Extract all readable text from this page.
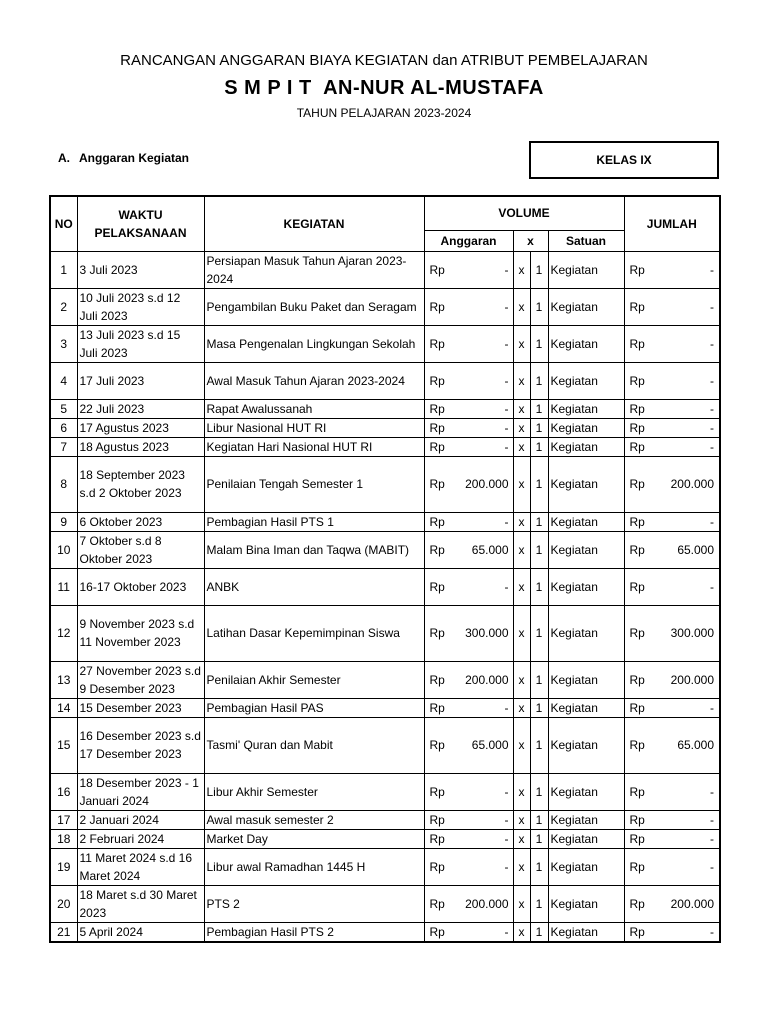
RANCANGAN ANGGARAN BIAYA KEGIATAN dan ATRIBUT PEMBELAJARAN
S M P I T  AN-NUR AL-MUSTAFA
TAHUN PELAJARAN 2023-2024
A. Anggaran Kegiatan	KELAS IX
NO	WAKTU PELAKSANAAN	KEGIATAN	VOLUME					JUMLAH	
			Anggaran		x		Satuan		
1	3 Juli 2023	Persiapan Masuk Tahun Ajaran 2023-2024	Rp	-	x	1	Kegiatan	Rp	-
2	10 Juli 2023 s.d 12 Juli 2023	Pengambilan Buku Paket dan Seragam	Rp	-	x	1	Kegiatan	Rp	-
3	13 Juli 2023 s.d 15 Juli 2023	Masa Pengenalan Lingkungan Sekolah	Rp	-	x	1	Kegiatan	Rp	-
4	17 Juli 2023	Awal Masuk Tahun Ajaran 2023-2024	Rp	-	x	1	Kegiatan	Rp	-
5	22 Juli 2023	Rapat Awalussanah	Rp	-	x	1	Kegiatan	Rp	-
6	17 Agustus 2023	Libur Nasional HUT RI	Rp	-	x	1	Kegiatan	Rp	-
7	18 Agustus 2023	Kegiatan Hari Nasional HUT RI	Rp	-	x	1	Kegiatan	Rp	-
8	18 September 2023 s.d 2 Oktober 2023	Penilaian Tengah Semester 1	Rp	200.000	x	1	Kegiatan	Rp	200.000
9	6 Oktober 2023	Pembagian Hasil PTS 1	Rp	-	x	1	Kegiatan	Rp	-
10	7 Oktober s.d 8 Oktober 2023	Malam Bina Iman dan Taqwa (MABIT)	Rp	65.000	x	1	Kegiatan	Rp	65.000
11	16-17 Oktober 2023	ANBK	Rp	-	x	1	Kegiatan	Rp	-
12	9 November 2023 s.d 11 November 2023	Latihan Dasar Kepemimpinan Siswa	Rp	300.000	x	1	Kegiatan	Rp	300.000
13	27 November 2023 s.d 9 Desember 2023	Penilaian Akhir Semester	Rp	200.000	x	1	Kegiatan	Rp	200.000
14	15 Desember 2023	Pembagian Hasil PAS	Rp	-	x	1	Kegiatan	Rp	-
15	16 Desember 2023 s.d 17 Desember 2023	Tasmi' Quran dan Mabit	Rp	65.000	x	1	Kegiatan	Rp	65.000
16	18 Desember 2023 - 1 Januari 2024	Libur Akhir Semester	Rp	-	x	1	Kegiatan	Rp	-
17	2 Januari 2024	Awal masuk semester 2	Rp	-	x	1	Kegiatan	Rp	-
18	2 Februari 2024	Market Day	Rp	-	x	1	Kegiatan	Rp	-
19	11 Maret 2024 s.d 16 Maret 2024	Libur awal Ramadhan 1445 H	Rp	-	x	1	Kegiatan	Rp	-
20	18 Maret s.d 30 Maret 2023	PTS 2	Rp	200.000	x	1	Kegiatan	Rp	200.000
21	5 April 2024	Pembagian Hasil PTS 2	Rp	-	x	1	Kegiatan	Rp	-
